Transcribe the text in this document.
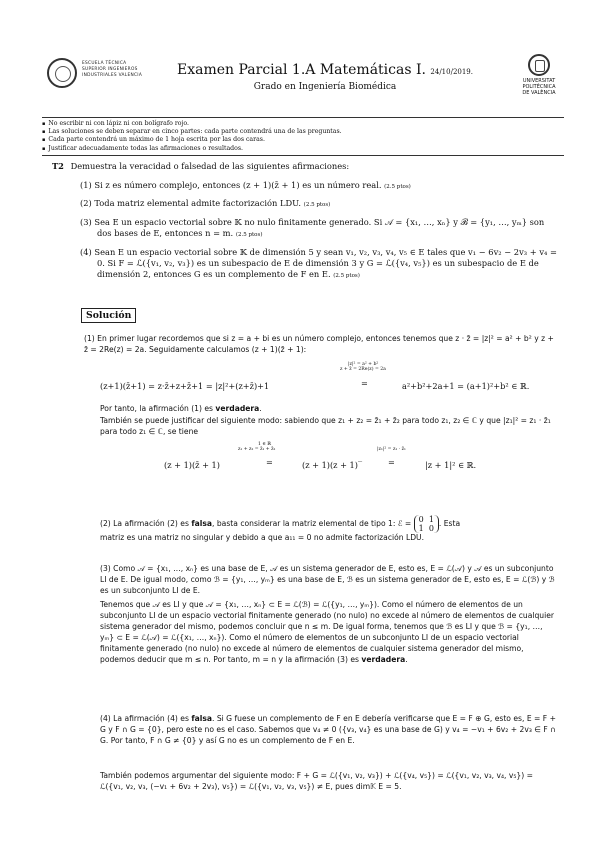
ESCUELA TÉCNICA
SUPERIOR INGENIEROS
INDUSTRIALES VALENCIA	Examen Parcial 1.A Matemáticas I. 24/10/2019.
Grado en Ingeniería Biomédica
UNIVERSITAT
POLITÈCNICA
DE VALÈNCIA
▪ No escribir ni con lápiz ni con bolígrafo rojo.
▪ Las soluciones se deben separar en cinco partes: cada parte contendrá una de las preguntas.
▪ Cada parte contendrá un máximo de 1 hoja escrita por las dos caras.
▪ Justificar adecuadamente todas las afirmaciones o resultados.
T2 Demuestra la veracidad o falsedad de las siguientes afirmaciones:
(1) Si z es número complejo, entonces (z + 1)(z̄ + 1) es un número real. (2.5 ptos)
(2) Toda matriz elemental admite factorización LDU. (2.5 ptos)
(3) Sea E un espacio vectorial sobre 𝕂 no nulo finitamente generado. Si 𝒜 = {x₁, …, xₙ} y ℬ = {y₁, …, yₘ} son dos bases de E, entonces n = m. (2.5 ptos)
(4) Sean E un espacio vectorial sobre 𝕂 de dimensión 5 y sean v₁, v₂, v₃, v₄, v₅ ∈ E tales que v₁ − 6v₂ − 2v₃ + v₄ = 0. Si F = ℒ({v₁, v₂, v₃}) es un subespacio de E de dimensión 3 y G = ℒ({v₄, v₅}) es un subespacio de E de dimensión 2, entonces G es un complemento de F en E. (2.5 ptos)
Solución
(1) En primer lugar recordemos que si z = a + bi es un número complejo, entonces tenemos que z · z̄ = |z|² = a² + b² y z + z̄ = 2Re(z) = 2a. Seguidamente calculamos (z + 1)(z̄ + 1):
|z|² = a² + b²
z + z̄ = 2Re(z) = 2a
(z+1)(z̄+1) = z·z̄+z+z̄+1 = |z|²+(z+z̄)+1	=	a²+b²+2a+1 = (a+1)²+b² ∈ ℝ.
Por tanto, la afirmación (1) es verdadera.
También se puede justificar del siguiente modo: sabiendo que z₁ + z₂ = z̄₁ + z̄₂ para todo z₁, z₂ ∈ ℂ y que |z₁|² = z₁ · z̄₁ para todo z₁ ∈ ℂ, se tiene
1 ∈ ℝ
z₁ + z₂ = z̄₁ + z̄₂	|z₁|² = z₁ · z̄₁
(z + 1)(z̄ + 1)	=	(z + 1)(z + 1)‾	=	|z + 1|² ∈ ℝ.
(2) La afirmación (2) es falsa, basta considerar la matriz elemental de tipo 1: ℰ = 0 1
1 0. Esta
matriz es una matriz no singular y debido a que a₁₁ = 0 no admite factorización LDU.
(3) Como 𝒜 = {x₁, …, xₙ} es una base de E, 𝒜 es un sistema generador de E, esto es, E = ℒ(𝒜) y 𝒜 es un subconjunto LI de E. De igual modo, como ℬ = {y₁, …, yₘ} es una base de E, ℬ es un sistema generador de E, esto es, E = ℒ(ℬ) y ℬ es un subconjunto LI de E.
Tenemos que 𝒜 es LI y que 𝒜 = {x₁, …, xₙ} ⊂ E = ℒ(ℬ) = ℒ({y₁, …, yₘ}). Como el número de elementos de un subconjunto LI de un espacio vectorial finitamente generado (no nulo) no excede al número de elementos de cualquier sistema generador del mismo, podemos concluir que n ≤ m. De igual forma, tenemos que ℬ es LI y que ℬ = {y₁, …, yₘ} ⊂ E = ℒ(𝒜) = ℒ({x₁, …, xₙ}). Como el número de elementos de un subconjunto LI de un espacio vectorial finitamente generado (no nulo) no excede al número de elementos de cualquier sistema generador del mismo, podemos deducir que m ≤ n. Por tanto, m = n y la afirmación (3) es verdadera.
(4) La afirmación (4) es falsa. Si G fuese un complemento de F en E debería verificarse que E = F ⊕ G, esto es, E = F + G y F ∩ G = {0}, pero este no es el caso. Sabemos que v₄ ≠ 0 ({v₃, v₄} es una base de G) y v₄ = −v₁ + 6v₂ + 2v₃ ∈ F ∩ G. Por tanto, F ∩ G ≠ {0} y así G no es un complemento de F en E.
También podemos argumentar del siguiente modo: F + G = ℒ({v₁, v₂, v₃}) + ℒ({v₄, v₅}) = ℒ({v₁, v₂, v₃, v₄, v₅}) = ℒ({v₁, v₂, v₃, (−v₁ + 6v₂ + 2v₃), v₅}) = ℒ({v₁, v₂, v₃, v₅}) ≠ E, pues dim𝕂 E = 5.
